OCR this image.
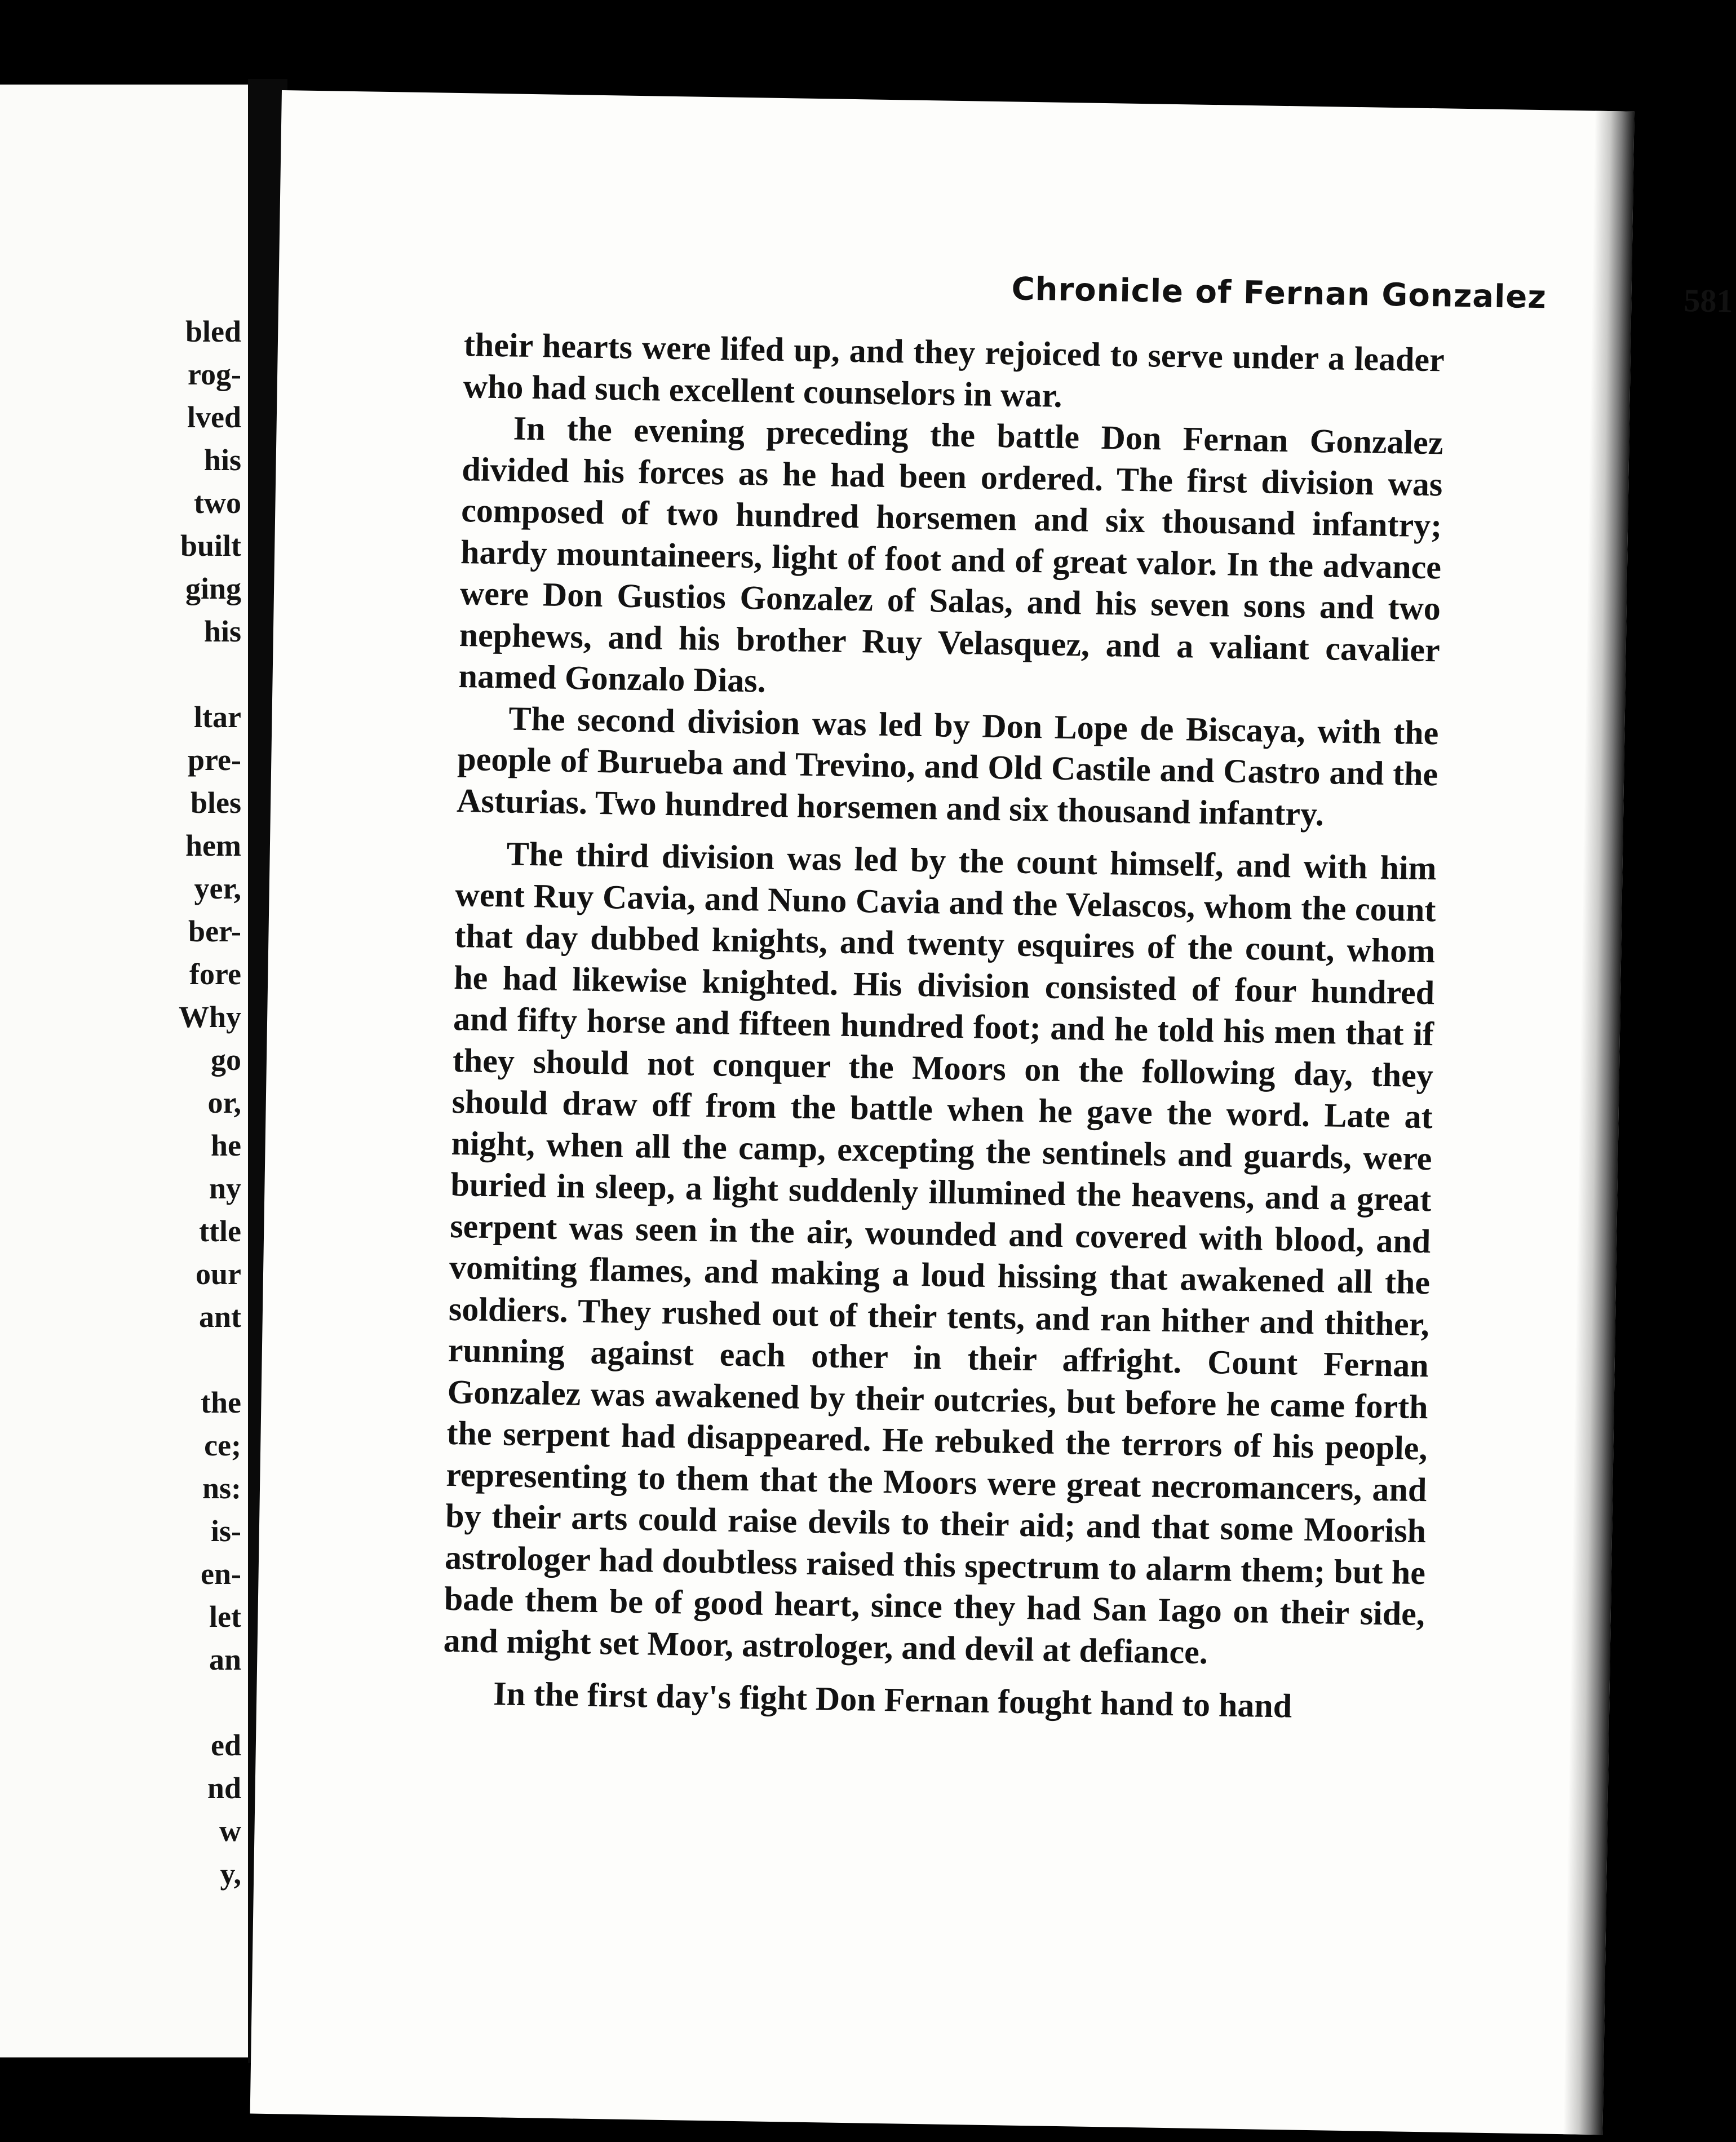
bled
rog-
lved
his
two
built
ging
his

ltar
pre-
bles
hem
yer,
ber-
fore
Why
go
or,
he
ny
ttle
our
ant

the
ce;
ns:
is-
en-
let
an

ed
nd
w
y,
Chronicle of Fernan Gonzalez	581

their hearts were lifed up, and they rejoiced to serve under a leader who had such excellent counselors in war.

In the evening preceding the battle Don Fernan Gonzalez divided his forces as he had been ordered. The first division was composed of two hundred horsemen and six thousand infantry; hardy mountaineers, light of foot and of great valor. In the advance were Don Gustios Gonzalez of Salas, and his seven sons and two nephews, and his brother Ruy Velasquez, and a valiant cavalier named Gonzalo Dias.

The second division was led by Don Lope de Biscaya, with the people of Burueba and Trevino, and Old Castile and Castro and the Asturias. Two hundred horsemen and six thousand infantry.

The third division was led by the count himself, and with him went Ruy Cavia, and Nuno Cavia and the Velascos, whom the count that day dubbed knights, and twenty esquires of the count, whom he had likewise knighted. His division consisted of four hundred and fifty horse and fifteen hundred foot; and he told his men that if they should not conquer the Moors on the following day, they should draw off from the battle when he gave the word. Late at night, when all the camp, excepting the sentinels and guards, were buried in sleep, a light suddenly illumined the heavens, and a great serpent was seen in the air, wounded and covered with blood, and vomiting flames, and making a loud hissing that awakened all the soldiers. They rushed out of their tents, and ran hither and thither, running against each other in their affright. Count Fernan Gonzalez was awakened by their outcries, but before he came forth the serpent had disappeared. He rebuked the terrors of his people, representing to them that the Moors were great necromancers, and by their arts could raise devils to their aid; and that some Moorish astrologer had doubtless raised this spectrum to alarm them; but he bade them be of good heart, since they had San Iago on their side, and might set Moor, astrologer, and devil at defiance.

In the first day's fight Don Fernan fought hand to hand
